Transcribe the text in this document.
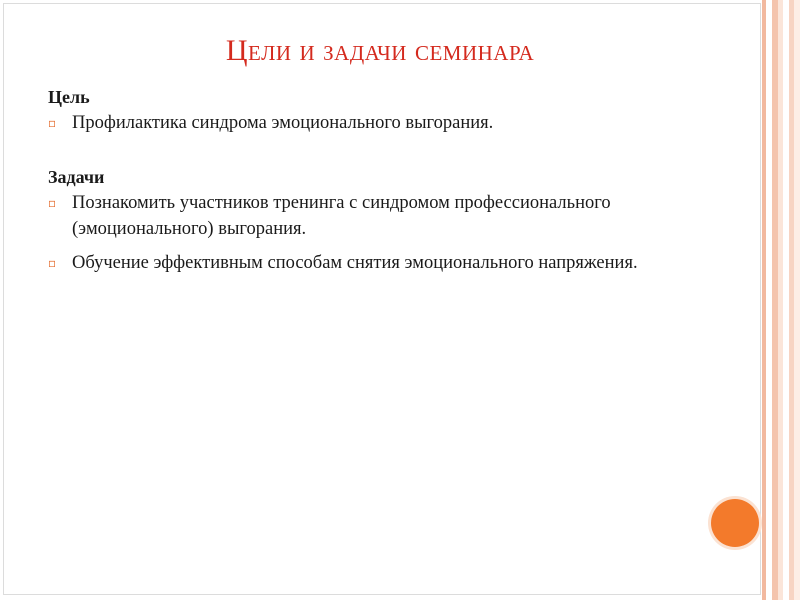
Цели и задачи семинара

Цель

▫ Профилактика синдрома эмоционального выгорания.

Задачи

▫ Познакомить участников тренинга с синдромом профессионального (эмоционального) выгорания.
▫ Обучение эффективным способам снятия эмоционального напряжения.
